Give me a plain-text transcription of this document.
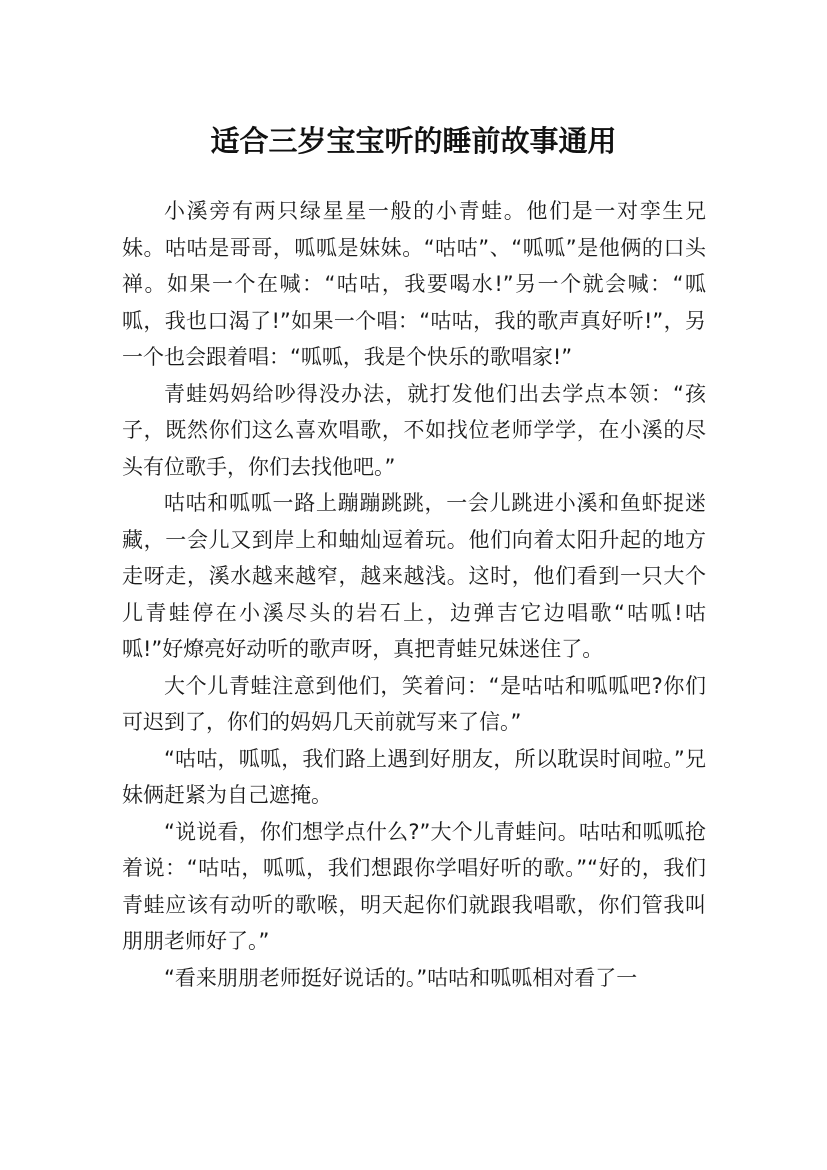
适合三岁宝宝听的睡前故事通用

小溪旁有两只绿星星一般的小青蛙。他们是一对孪生兄妹。咕咕是哥哥，呱呱是妹妹。“咕咕”、“呱呱”是他俩的口头禅。如果一个在喊：“咕咕，我要喝水!”另一个就会喊：“呱呱，我也口渴了!”如果一个唱：“咕咕，我的歌声真好听!”，另一个也会跟着唱：“呱呱，我是个快乐的歌唱家!”

青蛙妈妈给吵得没办法，就打发他们出去学点本领：“孩子，既然你们这么喜欢唱歌，不如找位老师学学，在小溪的尽头有位歌手，你们去找他吧。”

咕咕和呱呱一路上蹦蹦跳跳，一会儿跳进小溪和鱼虾捉迷藏，一会儿又到岸上和蚰灿逗着玩。他们向着太阳升起的地方走呀走，溪水越来越窄，越来越浅。这时，他们看到一只大个儿青蛙停在小溪尽头的岩石上，边弹吉它边唱歌“咕呱!咕呱!”好燎亮好动听的歌声呀，真把青蛙兄妹迷住了。

大个儿青蛙注意到他们，笑着问：“是咕咕和呱呱吧?你们可迟到了，你们的妈妈几天前就写来了信。”

“咕咕，呱呱，我们路上遇到好朋友，所以耽误时间啦。”兄妹俩赶紧为自己遮掩。

“说说看，你们想学点什么?”大个儿青蛙问。咕咕和呱呱抢着说：“咕咕，呱呱，我们想跟你学唱好听的歌。”“好的，我们青蛙应该有动听的歌喉，明天起你们就跟我唱歌，你们管我叫朋朋老师好了。”

“看来朋朋老师挺好说话的。”咕咕和呱呱相对看了一
